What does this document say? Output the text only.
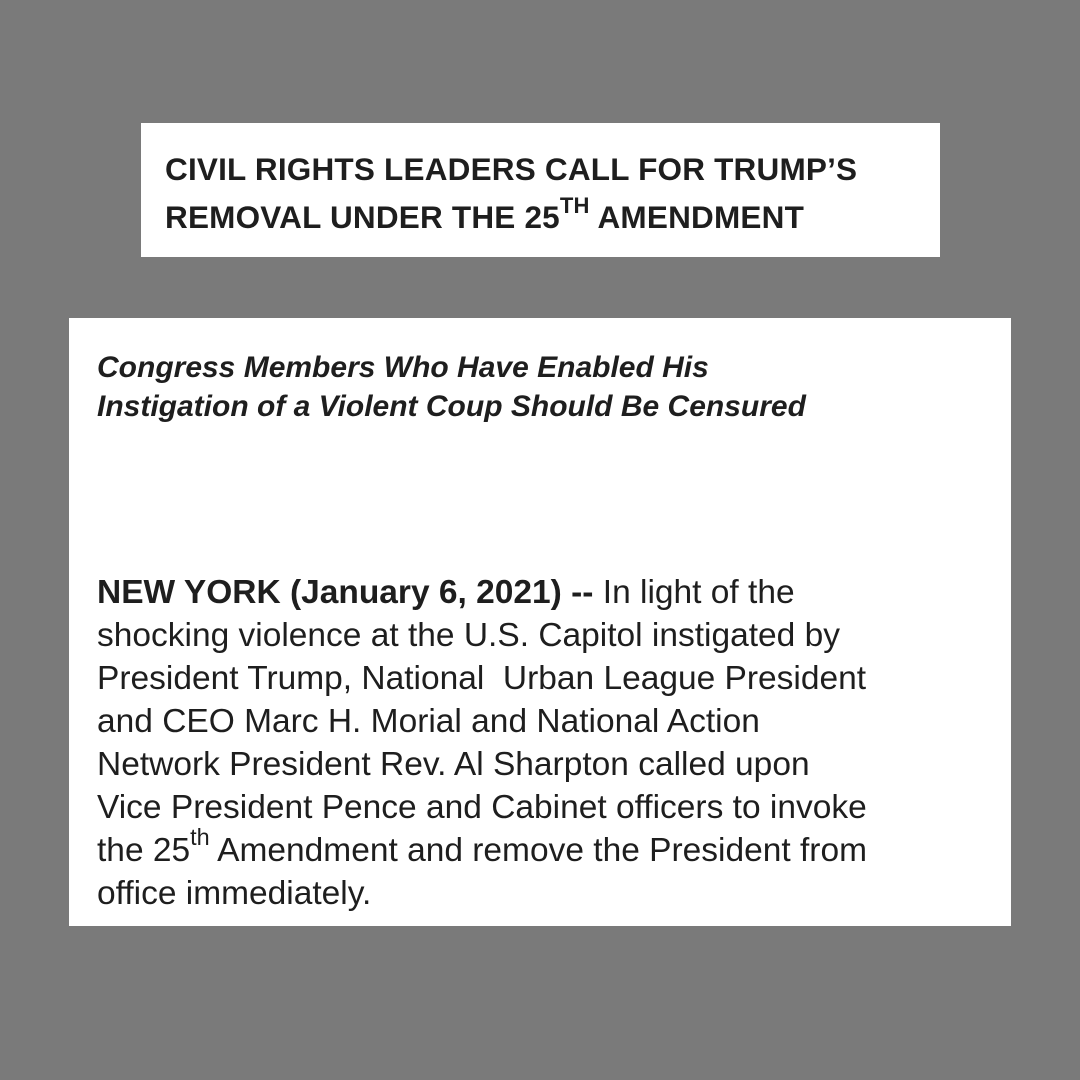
CIVIL RIGHTS LEADERS CALL FOR TRUMP’S
REMOVAL UNDER THE 25TH AMENDMENT
Congress Members Who Have Enabled His
Instigation of a Violent Coup Should Be Censured

NEW YORK (January 6, 2021) -- In light of the
shocking violence at the U.S. Capitol instigated by
President Trump, National  Urban League President
and CEO Marc H. Morial and National Action
Network President Rev. Al Sharpton called upon
Vice President Pence and Cabinet officers to invoke
the 25th Amendment and remove the President from
office immediately.
